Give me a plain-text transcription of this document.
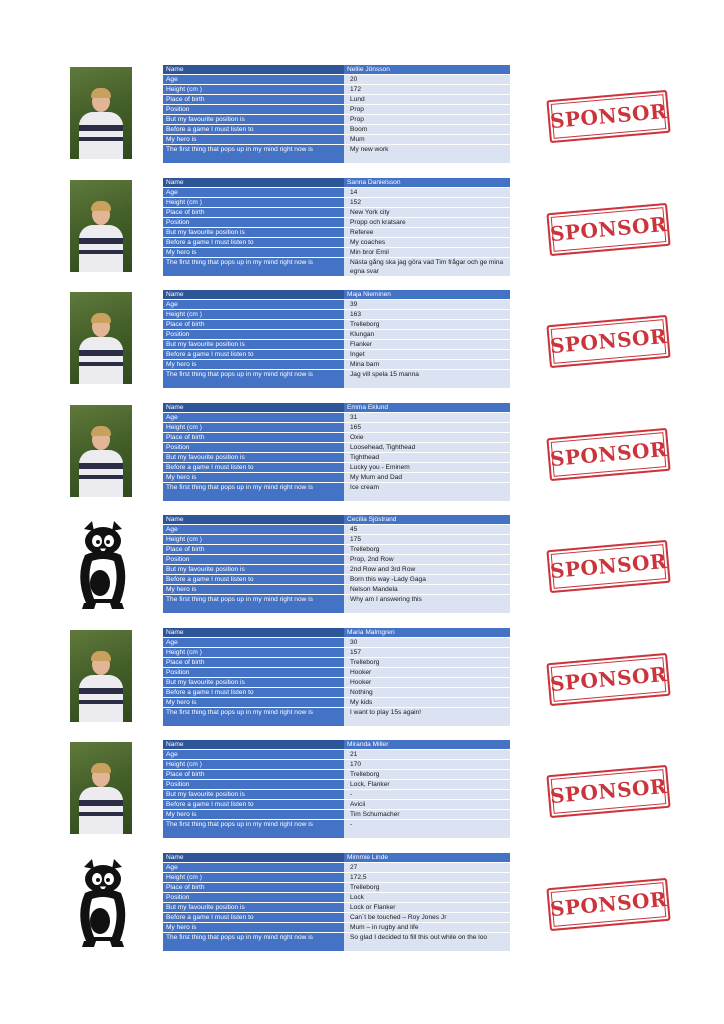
Name	Nellie Jönsson
Age	20
Height (cm )	172
Place of birth	Lund
Position	Prop
But my favourite position is	Prop
Before a game I must listen to	Boom
My hero is	Mum
The first thing that pops up in my mind right now is	My new work
SPONSOR
Name	Sanna Danielsson
Age	14
Height (cm )	152
Place of birth	New York city
Position	Propp och kratsare
But my favourite position is	Referee
Before a game I must listen to	My coaches
My hero is	Min bror Emil
The first thing that pops up in my mind right now is	Nästa gång ska jag göra vad Tim frågar och ge mina egna svar
SPONSOR
Name	Maja Nieminen
Age	39
Height (cm )	163
Place of birth	Trelleborg
Position	Klungan
But my favourite position is	Flanker
Before a game I must listen to	Inget
My hero is	Mina barn
The first thing that pops up in my mind right now is	Jag vill spela 15 manna
SPONSOR
Name	Emma Eklund
Age	31
Height (cm )	165
Place of birth	Oxie
Position	Loosehead, Tighthead
But my favourite position is	Tighthead
Before a game I must listen to	Lucky you - Eminem
My hero is	My Mum and Dad
The first thing that pops up in my mind right now is	Ice cream
SPONSOR
Name	Cecilia Sjöstrand
Age	45
Height (cm )	175
Place of birth	Trelleborg
Position	Prop, 2nd Row
But my favourite position is	2nd Row and 3rd Row
Before a game I must listen to	Born this way -Lady Gaga
My hero is	Nelson Mandela
The first thing that pops up in my mind right now is	Why am I answering this
SPONSOR
Name	Maria Malmgren
Age	30
Height (cm )	157
Place of birth	Trelleborg
Position	Hooker
But my favourite position is	Hooker
Before a game I must listen to	Nothing
My hero is	My kids
The first thing that pops up in my mind right now is	I want to play 15s again!
SPONSOR
Name	Miranda Miller
Age	21
Height (cm )	170
Place of birth	Trelleborg
Position	Lock, Flanker
But my favourite position is	-
Before a game I must listen to	Avicii
My hero is	Tim Schumacher
The first thing that pops up in my mind right now is	-
SPONSOR
Name	Mimmie Linde
Age	27
Height (cm )	172,5
Place of birth	Trelleborg
Position	Lock
But my favourite position is	Lock or Flanker
Before a game I must listen to	Can´t be touched – Roy Jones Jr
My hero is	Mum – in rugby and life
The first thing that pops up in my mind right now is	So glad I decided to fill this out while on the loo
SPONSOR
